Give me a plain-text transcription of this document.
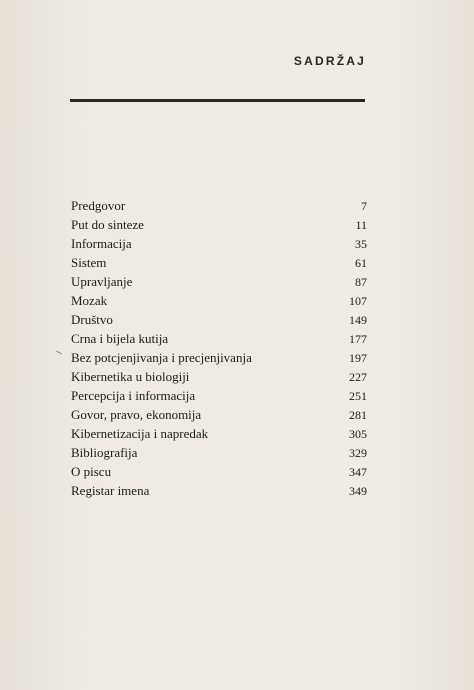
SADRŽAJ
Predgovor	7
Put do sinteze	11
Informacija	35
Sistem	61
Upravljanje	87
Mozak	107
Društvo	149
Crna i bijela kutija	177
Bez potcjenjivanja i precjenjivanja	197
Kibernetika u biologiji	227
Percepcija i informacija	251
Govor, pravo, ekonomija	281
Kibernetizacija i napredak	305
Bibliografija	329
O piscu	347
Registar imena	349
